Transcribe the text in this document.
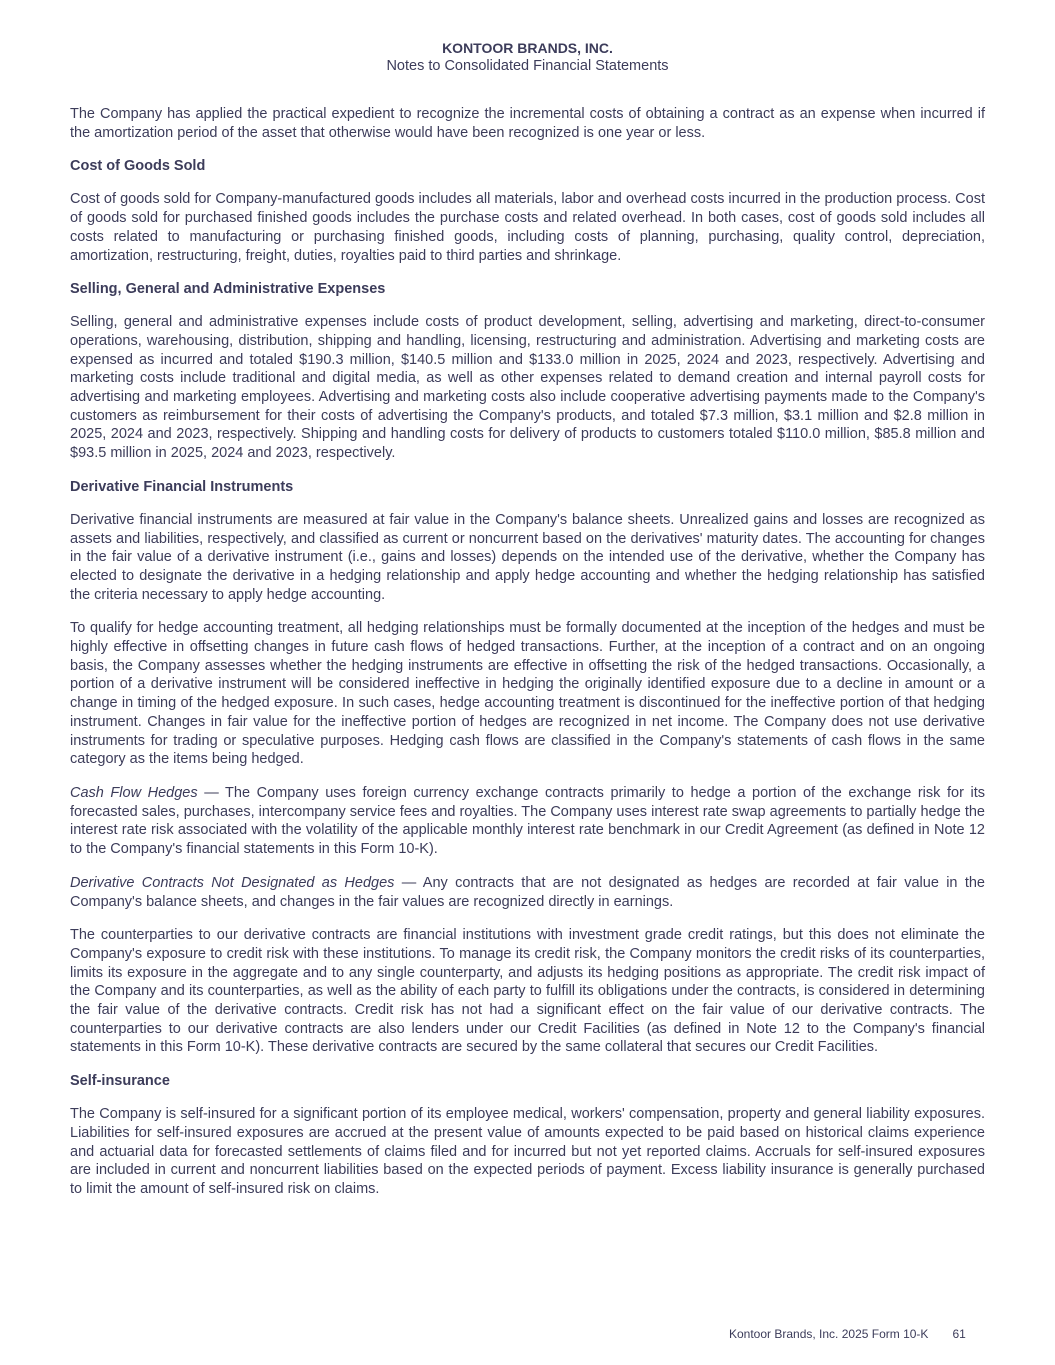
KONTOOR BRANDS, INC.
Notes to Consolidated Financial Statements

The Company has applied the practical expedient to recognize the incremental costs of obtaining a contract as an expense when incurred if the amortization period of the asset that otherwise would have been recognized is one year or less.

Cost of Goods Sold

Cost of goods sold for Company-manufactured goods includes all materials, labor and overhead costs incurred in the production process. Cost of goods sold for purchased finished goods includes the purchase costs and related overhead. In both cases, cost of goods sold includes all costs related to manufacturing or purchasing finished goods, including costs of planning, purchasing, quality control, depreciation, amortization, restructuring, freight, duties, royalties paid to third parties and shrinkage.

Selling, General and Administrative Expenses

Selling, general and administrative expenses include costs of product development, selling, advertising and marketing, direct-to-consumer operations, warehousing, distribution, shipping and handling, licensing, restructuring and administration. Advertising and marketing costs are expensed as incurred and totaled $190.3 million, $140.5 million and $133.0 million in 2025, 2024 and 2023, respectively. Advertising and marketing costs include traditional and digital media, as well as other expenses related to demand creation and internal payroll costs for advertising and marketing employees. Advertising and marketing costs also include cooperative advertising payments made to the Company's customers as reimbursement for their costs of advertising the Company's products, and totaled $7.3 million, $3.1 million and $2.8 million in 2025, 2024 and 2023, respectively. Shipping and handling costs for delivery of products to customers totaled $110.0 million, $85.8 million and $93.5 million in 2025, 2024 and 2023, respectively.

Derivative Financial Instruments

Derivative financial instruments are measured at fair value in the Company's balance sheets. Unrealized gains and losses are recognized as assets and liabilities, respectively, and classified as current or noncurrent based on the derivatives' maturity dates. The accounting for changes in the fair value of a derivative instrument (i.e., gains and losses) depends on the intended use of the derivative, whether the Company has elected to designate the derivative in a hedging relationship and apply hedge accounting and whether the hedging relationship has satisfied the criteria necessary to apply hedge accounting.

To qualify for hedge accounting treatment, all hedging relationships must be formally documented at the inception of the hedges and must be highly effective in offsetting changes in future cash flows of hedged transactions. Further, at the inception of a contract and on an ongoing basis, the Company assesses whether the hedging instruments are effective in offsetting the risk of the hedged transactions. Occasionally, a portion of a derivative instrument will be considered ineffective in hedging the originally identified exposure due to a decline in amount or a change in timing of the hedged exposure. In such cases, hedge accounting treatment is discontinued for the ineffective portion of that hedging instrument. Changes in fair value for the ineffective portion of hedges are recognized in net income. The Company does not use derivative instruments for trading or speculative purposes. Hedging cash flows are classified in the Company's statements of cash flows in the same category as the items being hedged.

Cash Flow Hedges — The Company uses foreign currency exchange contracts primarily to hedge a portion of the exchange risk for its forecasted sales, purchases, intercompany service fees and royalties. The Company uses interest rate swap agreements to partially hedge the interest rate risk associated with the volatility of the applicable monthly interest rate benchmark in our Credit Agreement (as defined in Note 12 to the Company's financial statements in this Form 10-K).

Derivative Contracts Not Designated as Hedges — Any contracts that are not designated as hedges are recorded at fair value in the Company's balance sheets, and changes in the fair values are recognized directly in earnings.

The counterparties to our derivative contracts are financial institutions with investment grade credit ratings, but this does not eliminate the Company's exposure to credit risk with these institutions. To manage its credit risk, the Company monitors the credit risks of its counterparties, limits its exposure in the aggregate and to any single counterparty, and adjusts its hedging positions as appropriate. The credit risk impact of the Company and its counterparties, as well as the ability of each party to fulfill its obligations under the contracts, is considered in determining the fair value of the derivative contracts. Credit risk has not had a significant effect on the fair value of our derivative contracts. The counterparties to our derivative contracts are also lenders under our Credit Facilities (as defined in Note 12 to the Company's financial statements in this Form 10-K). These derivative contracts are secured by the same collateral that secures our Credit Facilities.

Self-insurance

The Company is self-insured for a significant portion of its employee medical, workers' compensation, property and general liability exposures. Liabilities for self-insured exposures are accrued at the present value of amounts expected to be paid based on historical claims experience and actuarial data for forecasted settlements of claims filed and for incurred but not yet reported claims. Accruals for self-insured exposures are included in current and noncurrent liabilities based on the expected periods of payment. Excess liability insurance is generally purchased to limit the amount of self-insured risk on claims.

Kontoor Brands, Inc. 2025 Form 10-K 61
